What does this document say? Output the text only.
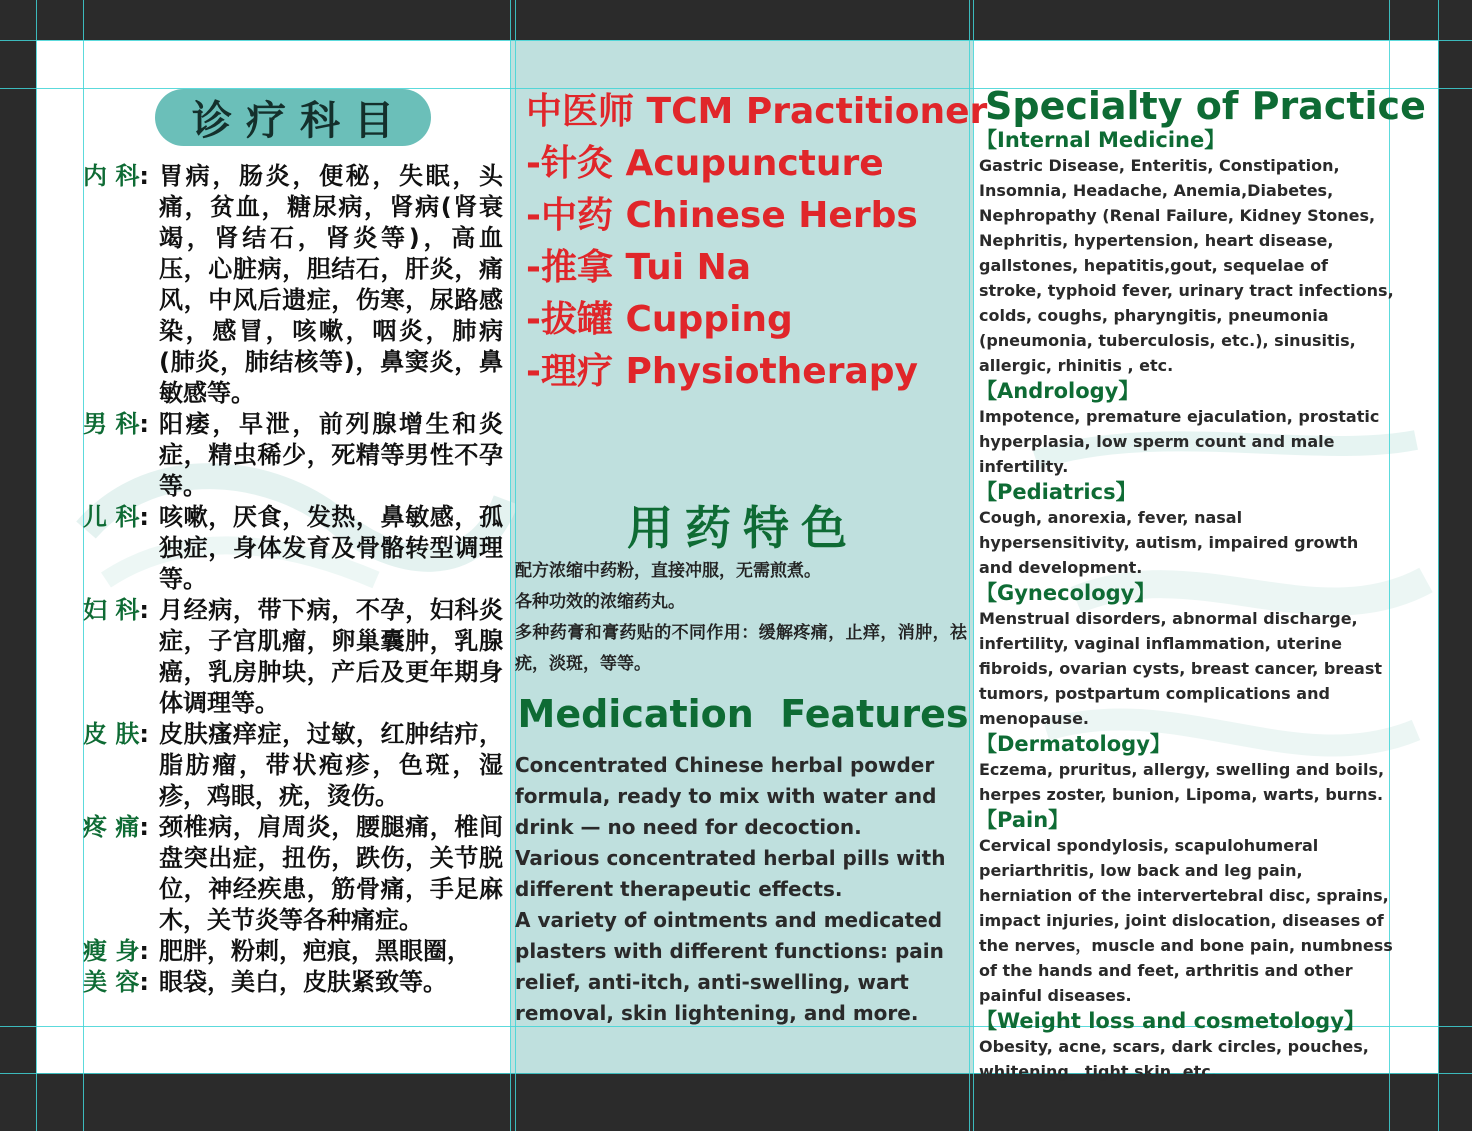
诊疗科目
内 科: 胃病，肠炎，便秘，失眠，头痛，贫血，糖尿病，肾病(肾衰竭，肾结石，肾炎等)，高血压，心脏病，胆结石，肝炎，痛风，中风后遗症，伤寒，尿路感染，感冒，咳嗽，咽炎，肺病(肺炎，肺结核等)，鼻窦炎，鼻敏感等。
男 科: 阳痿，早泄，前列腺增生和炎症，精虫稀少，死精等男性不孕等。
儿 科: 咳嗽，厌食，发热，鼻敏感，孤独症，身体发育及骨骼转型调理等。
妇 科: 月经病，带下病，不孕，妇科炎症，子宫肌瘤，卵巢囊肿，乳腺癌，乳房肿块，产后及更年期身体调理等。
皮 肤: 皮肤瘙痒症，过敏，红肿结疖，脂肪瘤，带状疱疹，色斑，湿疹，鸡眼，疣，烫伤。
疼 痛: 颈椎病，肩周炎，腰腿痛，椎间盘突出症，扭伤，跌伤，关节脱位，神经疾患，筋骨痛，手足麻木，关节炎等各种痛症。
瘦 身: 肥胖，粉刺，疤痕，黑眼圈，
美 容: 眼袋，美白，皮肤紧致等。
中医师 TCM Practitioner
-针灸 Acupuncture
-中药 Chinese Herbs
-推拿 Tui Na
-拔罐 Cupping
-理疗 Physiotherapy
用药特色
配方浓缩中药粉，直接冲服，无需煎煮。
各种功效的浓缩药丸。
多种药膏和膏药贴的不同作用：缓解疼痛，止痒，消肿，祛疣，淡斑，等等。
Medication  Features
Concentrated Chinese herbal powder formula, ready to mix with water and drink — no need for decoction.
Various concentrated herbal pills with different therapeutic effects.
A variety of ointments and medicated plasters with different functions: pain relief, anti-itch, anti-swelling, wart removal, skin lightening, and more.
Specialty of Practice
【Internal Medicine】
Gastric Disease, Enteritis, Constipation, Insomnia, Headache, Anemia,Diabetes, Nephropathy (Renal Failure, Kidney Stones, Nephritis, hypertension, heart disease, gallstones, hepatitis,gout, sequelae of stroke, typhoid fever, urinary tract infections, colds, coughs, pharyngitis, pneumonia (pneumonia, tuberculosis, etc.), sinusitis, allergic, rhinitis , etc.
【Andrology】
Impotence, premature ejaculation, prostatic hyperplasia, low sperm count and male infertility.
【Pediatrics】
Cough, anorexia, fever, nasal hypersensitivity, autism, impaired growth and development.
【Gynecology】
Menstrual disorders, abnormal discharge, infertility, vaginal inflammation, uterine fibroids, ovarian cysts, breast cancer, breast tumors, postpartum complications and menopause.
【Dermatology】
Eczema, pruritus, allergy, swelling and boils, herpes zoster, bunion, Lipoma, warts, burns.
【Pain】
Cervical spondylosis, scapulohumeral periarthritis, low back and leg pain, herniation of the intervertebral disc, sprains, impact injuries, joint dislocation, diseases of the nerves，muscle and bone pain, numbness of the hands and feet, arthritis and other painful diseases.
【Weight loss and cosmetology】
Obesity, acne, scars, dark circles, pouches, whitening，tight skin, etc.
